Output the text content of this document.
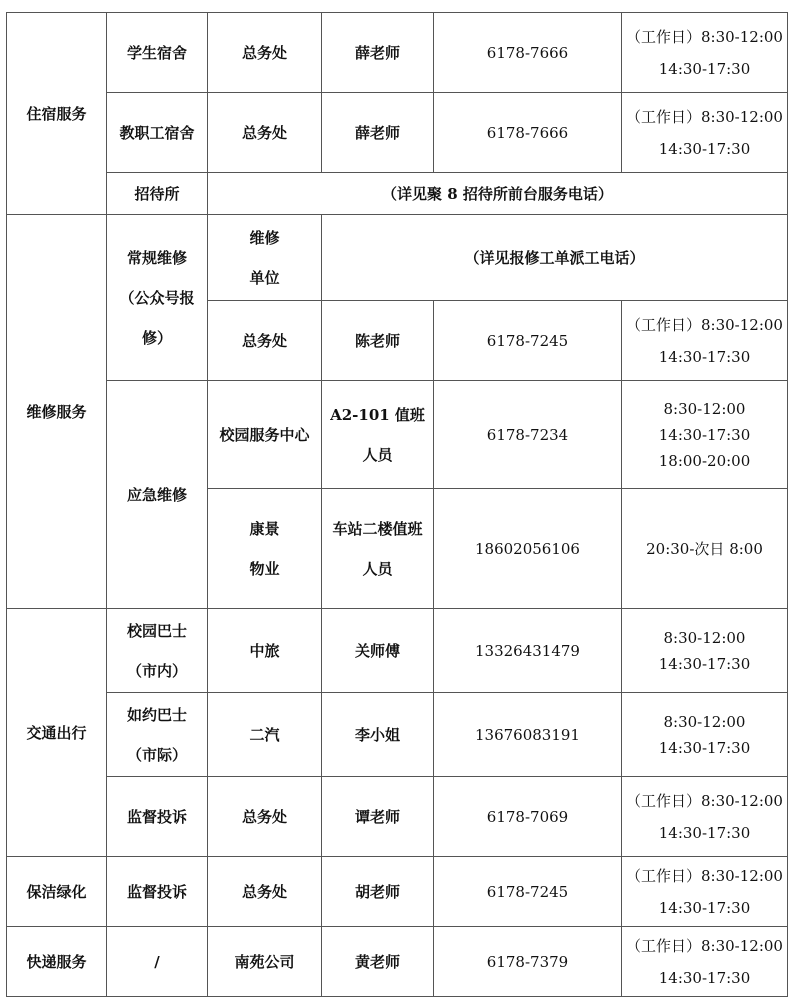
住宿服务	学生宿舍	总务处	薛老师	6178-7666	（工作日）8:30-12:00
14:30-17:30

	教职工宿舍	总务处	薛老师	6178-7666	（工作日）8:30-12:00
14:30-17:30

	招待所	（详见聚 8 招待所前台服务电话）			
维修服务	常规维修
（公众号报
修）	维修
单位	（详见报修工单派工电话）		
		总务处	陈老师	6178-7245	（工作日）8:30-12:00
14:30-17:30

	应急维修	校园服务中心	A2-101 值班
人员	6178-7234	8:30-12:00
14:30-17:30
18:00-20:00

		康景
物业	车站二楼值班
人员	18602056106	20:30-次日 8:00
交通出行	校园巴士
（市内）	中旅	关师傅	13326431479	8:30-12:00
14:30-17:30

	如约巴士
（市际）	二汽	李小姐	13676083191	8:30-12:00
14:30-17:30

	监督投诉	总务处	谭老师	6178-7069	（工作日）8:30-12:00
14:30-17:30

保洁绿化	监督投诉	总务处	胡老师	6178-7245	（工作日）8:30-12:00
14:30-17:30

快递服务	/	南苑公司	黄老师	6178-7379	（工作日）8:30-12:00
14:30-17:30
